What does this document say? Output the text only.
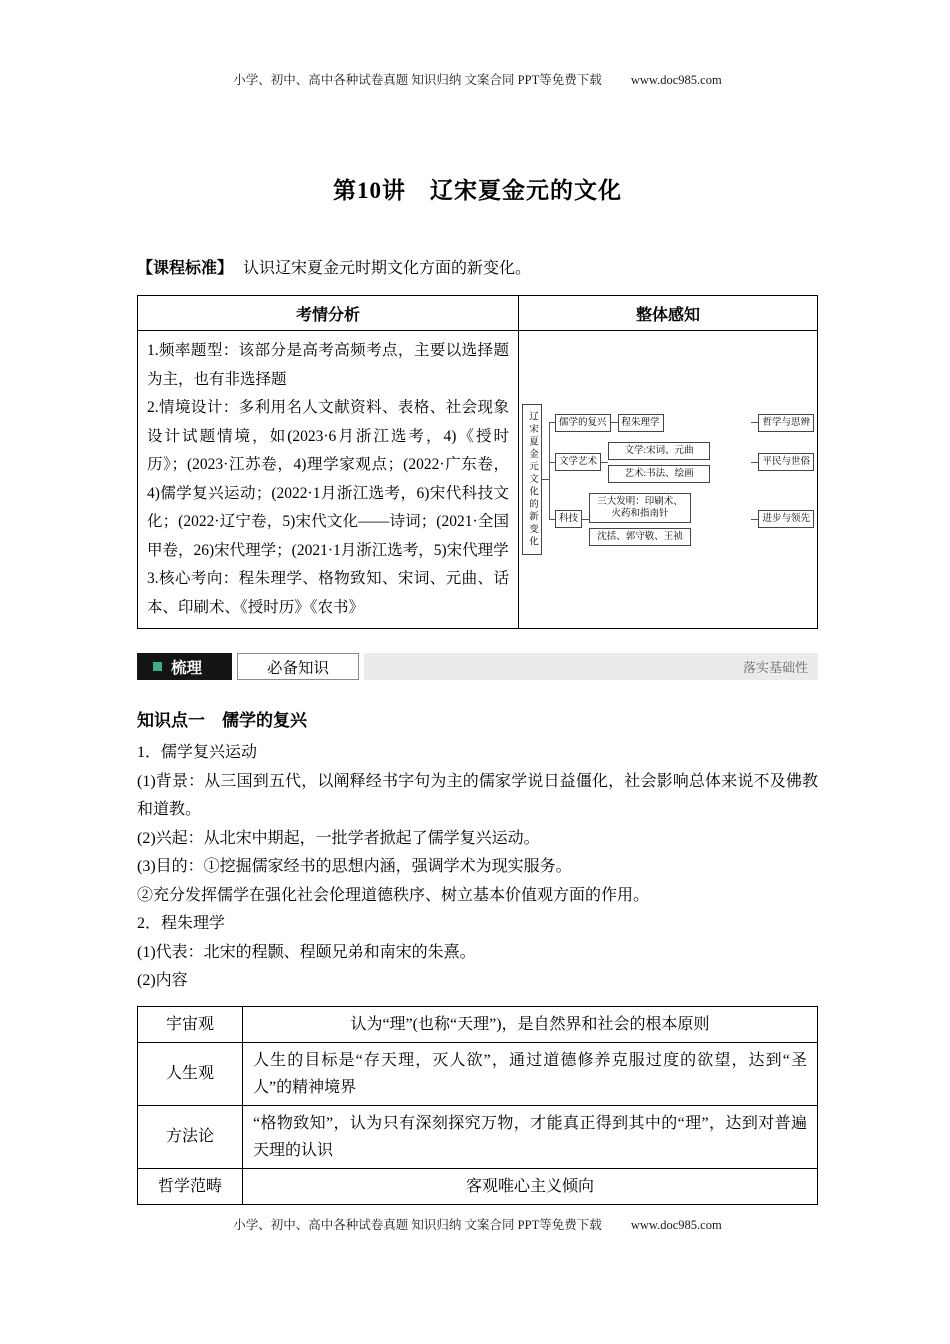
小学、初中、高中各种试卷真题 知识归纳 文案合同 PPT等免费下载 www.doc985.com
第10讲　辽宋夏金元的文化

【课程标准】 认识辽宋夏金元时期文化方面的新变化。

考情分析	整体感知

1.频率题型：该部分是高考高频考点，主要以选择题为主，也有非选择题
2.情境设计：多利用名人文献资料、表格、社会现象设计试题情境，如(2023·6月浙江选考，4)《授时历》；(2023·江苏卷，4)理学家观点；(2022·广东卷，4)儒学复兴运动；(2022·1月浙江选考，6)宋代科技文化；(2022·辽宁卷，5)宋代文化——诗词；(2021·全国甲卷，26)宋代理学；(2021·1月浙江选考，5)宋代理学
3.核心考向：程朱理学、格物致知、宋词、元曲、话本、印刷术、《授时历》《农书》

辽宋夏金元文化的新变化	儒学的复兴	程朱理学	哲学与思辨
文学艺术
文学:宋词、元曲
艺术:书法、绘画
平民与世俗
科技
三大发明：印刷术、火药和指南针
沈括、郭守敬、王祯
进步与领先
梳理	必备知识	落实基础性
知识点一　儒学的复兴

1．儒学复兴运动

(1)背景：从三国到五代，以阐释经书字句为主的儒家学说日益僵化，社会影响总体来说不及佛教和道教。

(2)兴起：从北宋中期起，一批学者掀起了儒学复兴运动。

(3)目的：①挖掘儒家经书的思想内涵，强调学术为现实服务。

②充分发挥儒学在强化社会伦理道德秩序、树立基本价值观方面的作用。

2．程朱理学

(1)代表：北宋的程颢、程颐兄弟和南宋的朱熹。

(2)内容

宇宙观	认为“理”(也称“天理”)，是自然界和社会的根本原则
人生观	人生的目标是“存天理，灭人欲”，通过道德修养克服过度的欲望，达到“圣人”的精神境界
方法论	“格物致知”，认为只有深刻探究万物，才能真正得到其中的“理”，达到对普遍天理的认识
哲学范畴	客观唯心主义倾向
小学、初中、高中各种试卷真题 知识归纳 文案合同 PPT等免费下载 www.doc985.com
